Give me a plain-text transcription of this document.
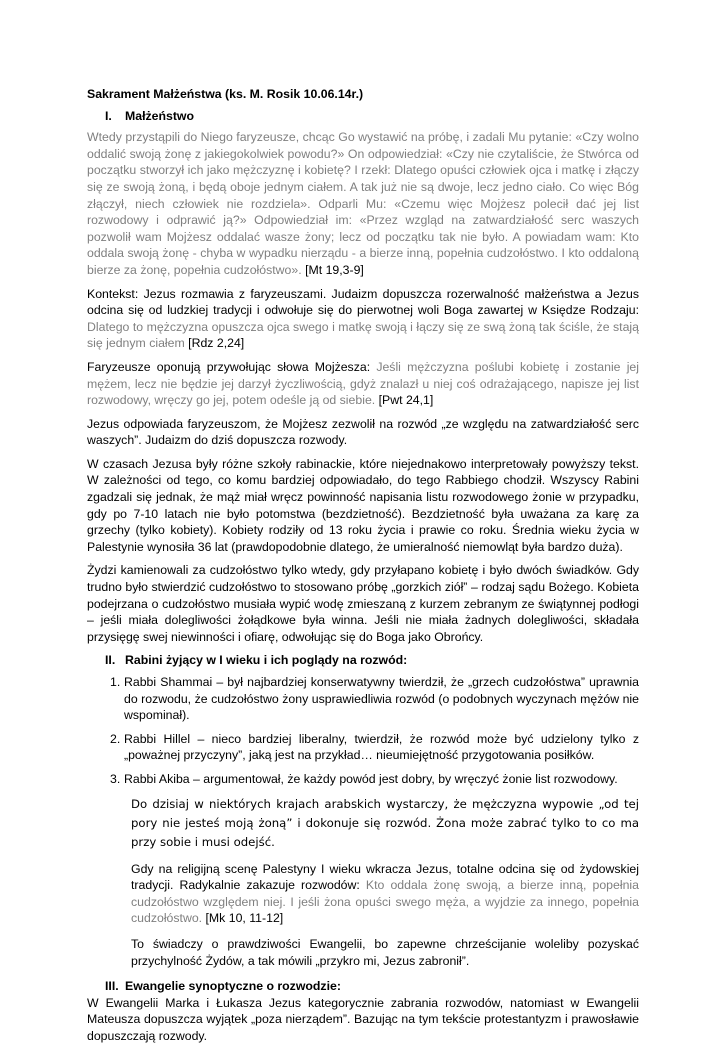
Sakrament Małżeństwa (ks. M. Rosik 10.06.14r.)

I. Małżeństwo

Wtedy przystąpili do Niego faryzeusze, chcąc Go wystawić na próbę, i zadali Mu pytanie: «Czy wolno oddalić swoją żonę z jakiegokolwiek powodu?» On odpowiedział: «Czy nie czytaliście, że Stwórca od początku stworzył ich jako mężczyznę i kobietę? I rzekł: Dlatego opuści człowiek ojca i matkę i złączy się ze swoją żoną, i będą oboje jednym ciałem. A tak już nie są dwoje, lecz jedno ciało. Co więc Bóg złączył, niech człowiek nie rozdziela». Odparli Mu: «Czemu więc Mojżesz polecił dać jej list rozwodowy i odprawić ją?» Odpowiedział im: «Przez wzgląd na zatwardziałość serc waszych pozwolił wam Mojżesz oddalać wasze żony; lecz od początku tak nie było. A powiadam wam: Kto oddala swoją żonę - chyba w wypadku nierządu - a bierze inną, popełnia cudzołóstwo. I kto oddaloną bierze za żonę, popełnia cudzołóstwo». [Mt 19,3-9]

Kontekst: Jezus rozmawia z faryzeuszami. Judaizm dopuszcza rozerwalność małżeństwa a Jezus odcina się od ludzkiej tradycji i odwołuje się do pierwotnej woli Boga zawartej w Księdze Rodzaju: Dlatego to mężczyzna opuszcza ojca swego i matkę swoją i łączy się ze swą żoną tak ściśle, że stają się jednym ciałem [Rdz 2,24]

Faryzeusze oponują przywołując słowa Mojżesza: Jeśli mężczyzna poślubi kobietę i zostanie jej mężem, lecz nie będzie jej darzył życzliwością, gdyż znalazł u niej coś odrażającego, napisze jej list rozwodowy, wręczy go jej, potem odeśle ją od siebie. [Pwt 24,1]

Jezus odpowiada faryzeuszom, że Mojżesz zezwolił na rozwód „ze względu na zatwardziałość serc waszych”. Judaizm do dziś dopuszcza rozwody.

W czasach Jezusa były różne szkoły rabinackie, które niejednakowo interpretowały powyższy tekst. W zależności od tego, co komu bardziej odpowiadało, do tego Rabbiego chodził. Wszyscy Rabini zgadzali się jednak, że mąż miał wręcz powinność napisania listu rozwodowego żonie w przypadku, gdy po 7-10 latach nie było potomstwa (bezdzietność). Bezdzietność była uważana za karę za grzechy (tylko kobiety). Kobiety rodziły od 13 roku życia i prawie co roku. Średnia wieku życia w Palestynie wynosiła 36 lat (prawdopodobnie dlatego, że umieralność niemowląt była bardzo duża).

Żydzi kamienowali za cudzołóstwo tylko wtedy, gdy przyłapano kobietę i było dwóch świadków. Gdy trudno było stwierdzić cudzołóstwo to stosowano próbę „gorzkich ziół” – rodzaj sądu Bożego. Kobieta podejrzana o cudzołóstwo musiała wypić wodę zmieszaną z kurzem zebranym ze świątynnej podłogi – jeśli miała dolegliwości żołądkowe była winna. Jeśli nie miała żadnych dolegliwości, składała przysięgę swej niewinności i ofiarę, odwołując się do Boga jako Obrońcy.

II. Rabini żyjący w I wieku i ich poglądy na rozwód:

1. Rabbi Shammai – był najbardziej konserwatywny twierdził, że „grzech cudzołóstwa” uprawnia do rozwodu, że cudzołóstwo żony usprawiedliwia rozwód (o podobnych wyczynach mężów nie wspominał).
2. Rabbi Hillel – nieco bardziej liberalny, twierdził, że rozwód może być udzielony tylko z „poważnej przyczyny”, jaką jest na przykład… nieumiejętność przygotowania posiłków.
3. Rabbi Akiba – argumentował, że każdy powód jest dobry, by wręczyć żonie list rozwodowy.

Do dzisiaj w niektórych krajach arabskich wystarczy, że mężczyzna wypowie „od tej pory nie jesteś moją żoną” i dokonuje się rozwód. Żona może zabrać tylko to co ma przy sobie i musi odejść.

Gdy na religijną scenę Palestyny I wieku wkracza Jezus, totalne odcina się od żydowskiej tradycji. Radykalnie zakazuje rozwodów: Kto oddala żonę swoją, a bierze inną, popełnia cudzołóstwo względem niej. I jeśli żona opuści swego męża, a wyjdzie za innego, popełnia cudzołóstwo. [Mk 10, 11-12]

To świadczy o prawdziwości Ewangelii, bo zapewne chrześcijanie woleliby pozyskać przychylność Żydów, a tak mówili „przykro mi, Jezus zabronił”.

III. Ewangelie synoptyczne o rozwodzie:

W Ewangelii Marka i Łukasza Jezus kategorycznie zabrania rozwodów, natomiast w Ewangelii Mateusza dopuszcza wyjątek „poza nierządem”. Bazując na tym tekście protestantyzm i prawosławie dopuszczają rozwody.
